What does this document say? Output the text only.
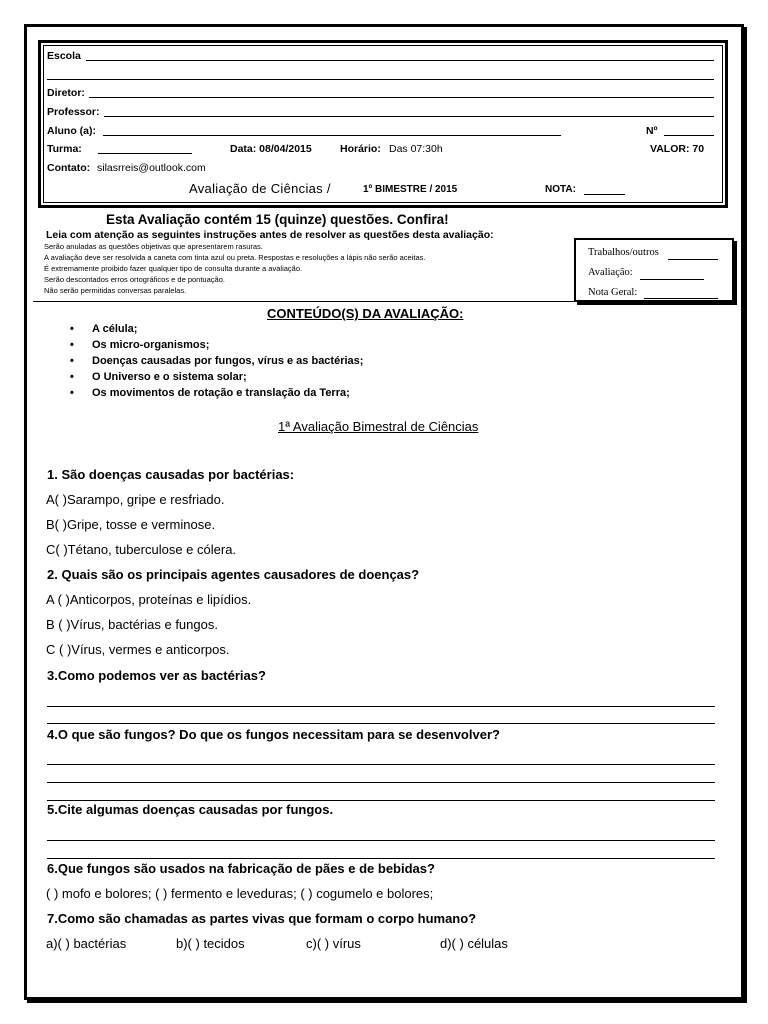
Escola
Diretor:
Professor:
Aluno (a):	Nº
Turma:	Data: 08/04/2015	Horário: Das 07:30h	VALOR: 70
Contato: silasrreis@outlook.com
Avaliação de Ciências /	1º BIMESTRE / 2015	NOTA:
Esta Avaliação contém 15 (quinze) questões. Confira!
Leia com atenção as seguintes instruções antes de resolver as questões desta avaliação:
Serão anuladas as questões objetivas que apresentarem rasuras.
A avaliação deve ser resolvida a caneta com tinta azul ou preta. Respostas e resoluções a lápis não serão aceitas.
É extremamente proibido fazer qualquer tipo de consulta durante a avaliação.
Serão descontados erros ortográficos e de pontuação.
Não serão permitidas conversas paralelas.
Trabalhos/outros
Avaliação:
Nota Geral:
CONTEÚDO(S) DA AVALIAÇÃO:
• A célula;
• Os micro-organismos;
• Doenças causadas por fungos, vírus e as bactérias;
• O Universo e o sistema solar;
• Os movimentos de rotação e translação da Terra;
1ª Avaliação Bimestral de Ciências
1. São doenças causadas por bactérias:
A( )Sarampo, gripe e resfriado.
B( )Gripe, tosse e verminose.
C( )Tétano, tuberculose e cólera.
2. Quais são os principais agentes causadores de doenças?
A ( )Anticorpos, proteínas e lipídios.
B ( )Vírus, bactérias e fungos.
C ( )Vírus, vermes e anticorpos.
3.Como podemos ver as bactérias?
4.O que são fungos? Do que os fungos necessitam para se desenvolver?
5.Cite algumas doenças causadas por fungos.
6.Que fungos são usados na fabricação de pães e de bebidas?
( ) mofo e bolores; ( ) fermento e leveduras; ( ) cogumelo e bolores;
7.Como são chamadas as partes vivas que formam o corpo humano?
a)( ) bactérias	b)( ) tecidos	c)( ) vírus	d)( ) células
